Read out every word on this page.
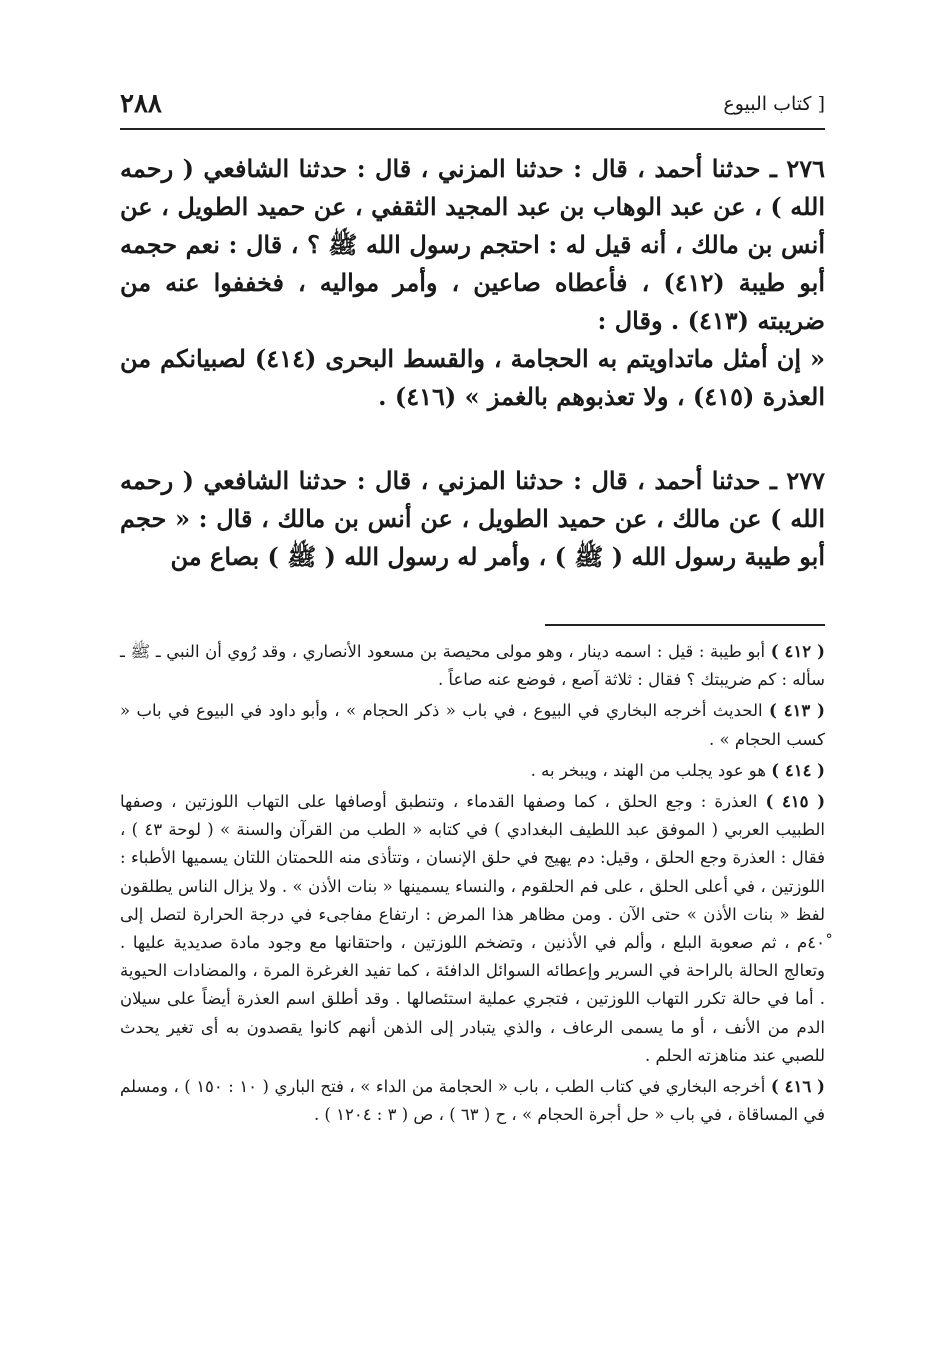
٢٨٨	[ كتاب البيوع

٢٧٦ ـ حدثنا أحمد ، قال : حدثنا المزني ، قال : حدثنا الشافعي ( رحمه الله ) ، عن عبد الوهاب بن عبد المجيد الثقفي ، عن حميد الطويل ، عن أنس بن مالك ، أنه قيل له : احتجم رسول الله ﷺ ؟ ، قال : نعم حجمه أبو طيبة (٤١٢) ، فأعطاه صاعين ، وأمر مواليه ، فخففوا عنه من ضريبته (٤١٣) . وقال :

« إن أمثل ماتداويتم به الحجامة ، والقسط البحرى (٤١٤) لصبيانكم من العذرة (٤١٥) ، ولا تعذبوهم بالغمز » (٤١٦) .

٢٧٧ ـ حدثنا أحمد ، قال : حدثنا المزني ، قال : حدثنا الشافعي ( رحمه الله ) عن مالك ، عن حميد الطويل ، عن أنس بن مالك ، قال : « حجم أبو طيبة رسول الله ( ﷺ ) ، وأمر له رسول الله ( ﷺ ) بصاع من

( ٤١٢ ) أبو طيبة : قيل : اسمه دينار ، وهو مولى محيصة بن مسعود الأنصاري ، وقد رُوي أن النبي ـ ﷺ ـ سأله : كم ضريبتك ؟ فقال : ثلاثة آصع ، فوضع عنه صاعاً .

( ٤١٣ ) الحديث أخرجه البخاري في البيوع ، في باب « ذكر الحجام » ، وأبو داود في البيوع في باب « كسب الحجام » .

( ٤١٤ ) هو عود يجلب من الهند ، ويبخر به .

( ٤١٥ ) العذرة : وجع الحلق ، كما وصفها القدماء ، وتنطبق أوصافها على التهاب اللوزتين ، وصفها الطبيب العربي ( الموفق عبد اللطيف البغدادي ) في كتابه « الطب من القرآن والسنة » ( لوحة ٤٣ ) ، فقال : العذرة وجع الحلق ، وقيل: دم يهيج في حلق الإنسان ، وتتأذى منه اللحمتان اللتان يسميها الأطباء : اللوزتين ، في أعلى الحلق ، على فم الحلقوم ، والنساء يسمينها « بنات الأذن » . ولا يزال الناس يطلقون لفظ « بنات الأذن » حتى الآن . ومن مظاهر هذا المرض : ارتفاع مفاجىء في درجة الحرارة لتصل إلى ٤٠ْم ، ثم صعوبة البلع ، وألم في الأذنين ، وتضخم اللوزتين ، واحتقانها مع وجود مادة صديدية عليها . وتعالج الحالة بالراحة في السرير وإعطائه السوائل الدافئة ، كما تفيد الغرغرة المرة ، والمضادات الحيوية . أما في حالة تكرر التهاب اللوزتين ، فتجري عملية استئصالها . وقد أطلق اسم العذرة أيضاً على سيلان الدم من الأنف ، أو ما يسمى الرعاف ، والذي يتبادر إلى الذهن أنهم كانوا يقصدون به أى تغير يحدث للصبي عند مناهزته الحلم .

( ٤١٦ ) أخرجه البخاري في كتاب الطب ، باب « الحجامة من الداء » ، فتح الباري ( ١٠ : ١٥٠ ) ، ومسلم في المساقاة ، في باب « حل أجرة الحجام » ، ح ( ٦٣ ) ، ص ( ٣ : ١٢٠٤ ) .
